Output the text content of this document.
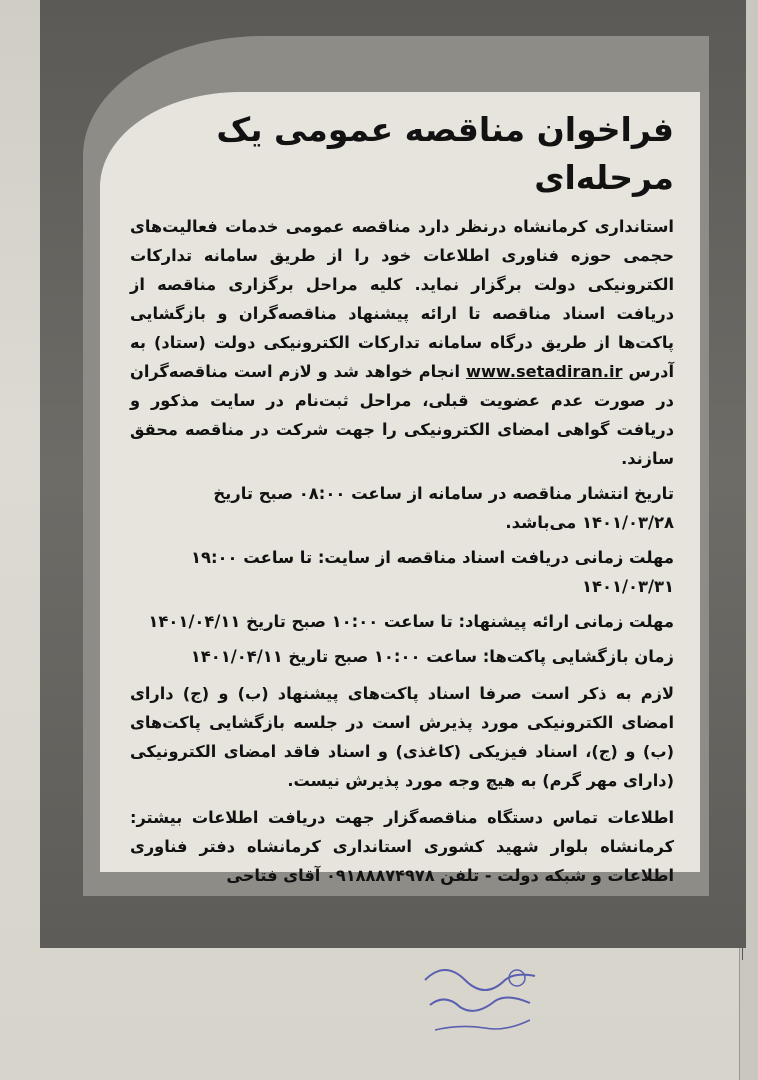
فراخوان مناقصه عمومی یک مرحله‌ای

استانداری کرمانشاه درنظر دارد مناقصه عمومی خدمات فعالیت‌های حجمی حوزه فناوری اطلاعات خود را از طریق سامانه تدارکات الکترونیکی دولت برگزار نماید. کلیه مراحل برگزاری مناقصه از دریافت اسناد مناقصه تا ارائه پیشنهاد مناقصه‌گران و بازگشایی پاکت‌ها از طریق درگاه سامانه تدارکات الکترونیکی دولت (ستاد) به آدرس www.setadiran.ir انجام خواهد شد و لازم است مناقصه‌گران در صورت عدم عضویت قبلی، مراحل ثبت‌نام در سایت مذکور و دریافت گواهی امضای الکترونیکی را جهت شرکت در مناقصه محقق سازند.

تاریخ انتشار مناقصه در سامانه از ساعت ۰۸:۰۰ صبح تاریخ ۱۴۰۱/۰۳/۲۸ می‌باشد.

مهلت زمانی دریافت اسناد مناقصه از سایت: تا ساعت ۱۹:۰۰ ۱۴۰۱/۰۳/۳۱

مهلت زمانی ارائه پیشنهاد: تا ساعت ۱۰:۰۰ صبح تاریخ ۱۴۰۱/۰۴/۱۱

زمان بازگشایی پاکت‌ها: ساعت ۱۰:۰۰ صبح تاریخ ۱۴۰۱/۰۴/۱۱

لازم به ذکر است صرفا اسناد پاکت‌های پیشنهاد (ب) و (ج) دارای امضای الکترونیکی مورد پذیرش است در جلسه بازگشایی پاکت‌های (ب) و (ج)، اسناد فیزیکی (کاغذی) و اسناد فاقد امضای الکترونیکی (دارای مهر گرم) به هیچ وجه مورد پذیرش نیست.

اطلاعات تماس دستگاه مناقصه‌گزار جهت دریافت اطلاعات بیشتر: کرمانشاه بلوار شهید کشوری استانداری کرمانشاه دفتر فناوری اطلاعات و شبکه دولت - تلفن ۰۹۱۸۸۸۷۴۹۷۸ آقای فتاحی
